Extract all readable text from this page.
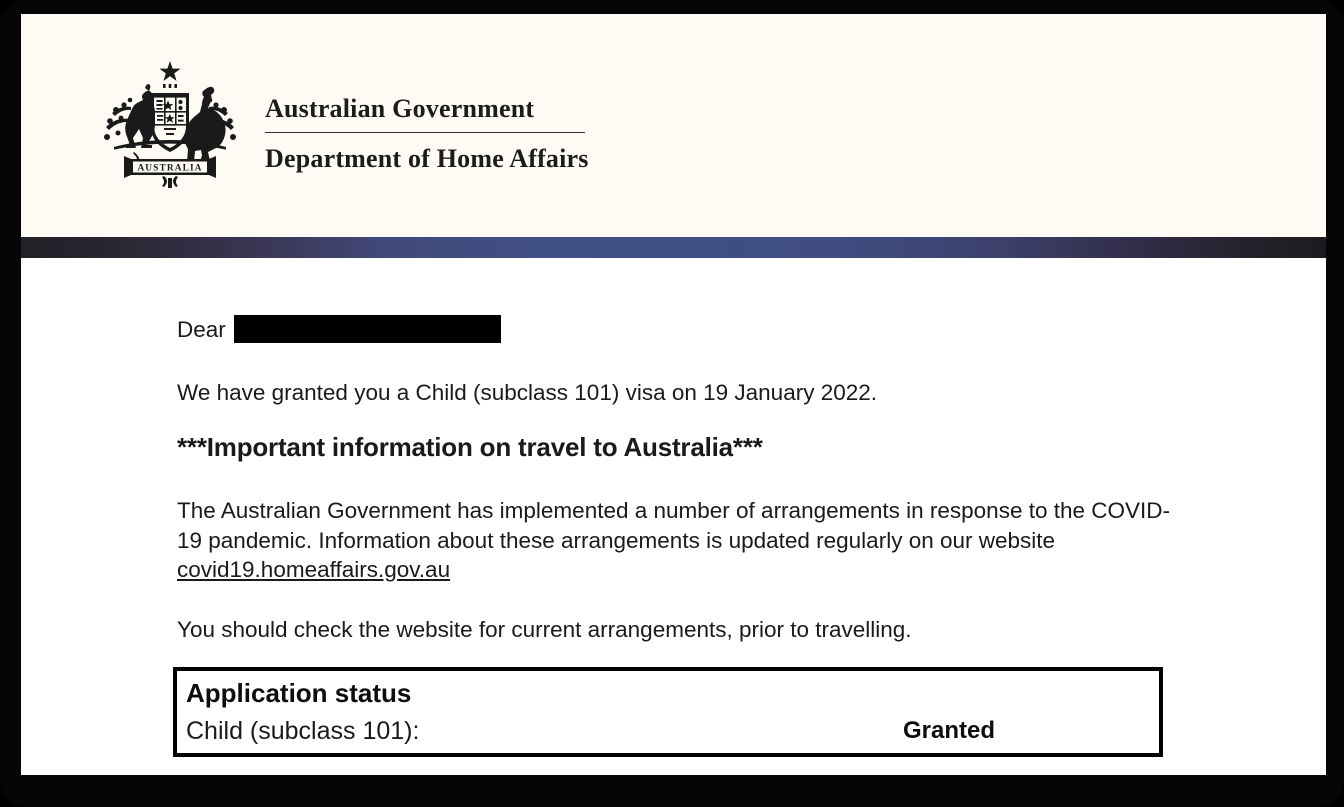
AUSTRALIA
Australian Government
Department of Home Affairs
Dear
We have granted you a Child (subclass 101) visa on 19 January 2022.
***Important information on travel to Australia***
The Australian Government has implemented a number of arrangements in response to the COVID-19 pandemic. Information about these arrangements is updated regularly on our website covid19.homeaffairs.gov.au
You should check the website for current arrangements, prior to travelling.
Application status
Child (subclass 101):	Granted
